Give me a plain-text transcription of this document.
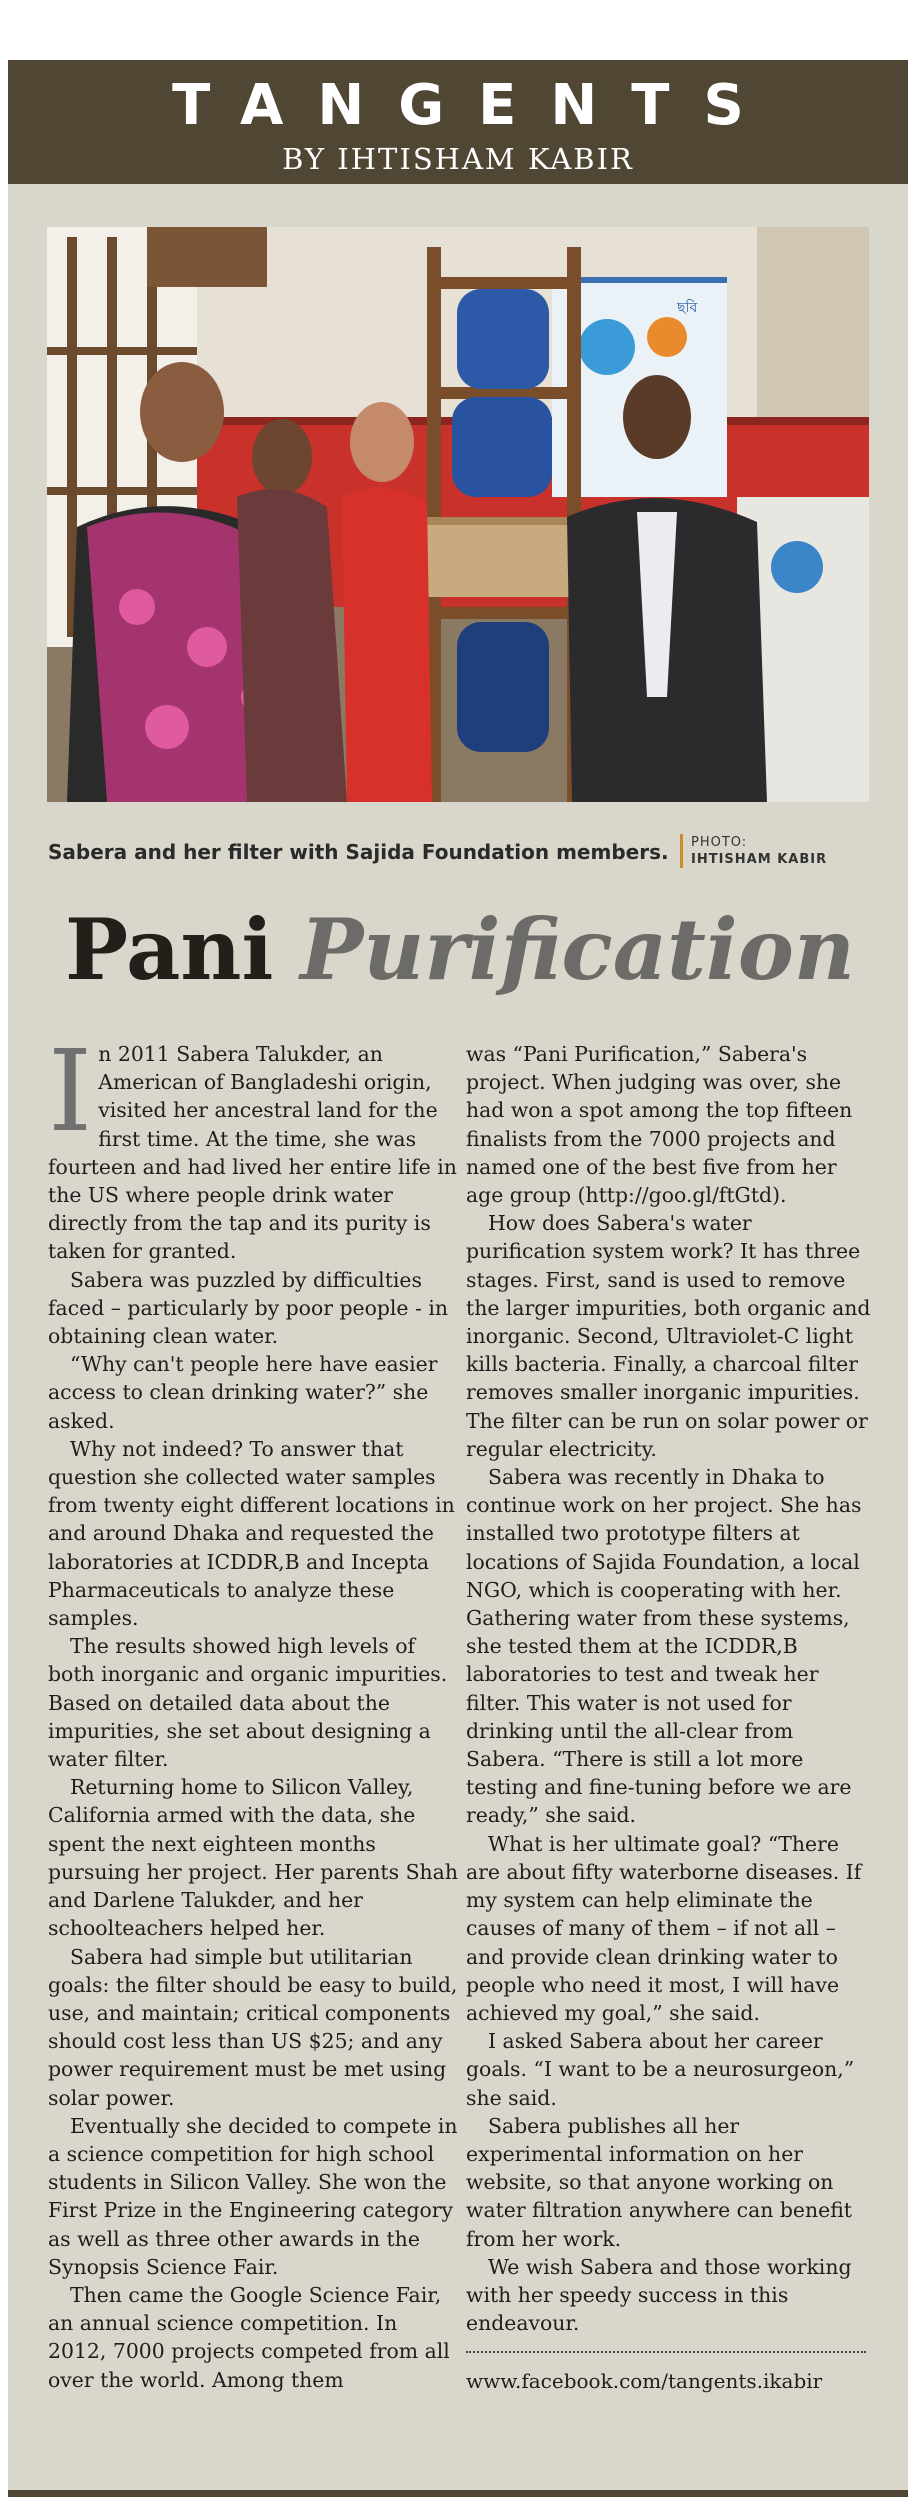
TANGENTS
BY IHTISHAM KABIR
ছবি
Sabera and her filter with Sajida Foundation members. PHOTO:
IHTISHAM KABIR
Pani Purification

In 2011 Sabera Talukder, an American of Bangladeshi origin, visited her ancestral land for the first time. At the time, she was fourteen and had lived her entire life in the US where people drink water directly from the tap and its purity is taken for granted.

Sabera was puzzled by difficulties faced – particularly by poor people - in obtaining clean water.

“Why can't people here have easier access to clean drinking water?” she asked.

Why not indeed? To answer that question she collected water samples from twenty eight different locations in and around Dhaka and requested the laboratories at ICDDR,B and Incepta Pharmaceuticals to analyze these samples.

The results showed high levels of both inorganic and organic impurities. Based on detailed data about the impurities, she set about designing a water filter.

Returning home to Silicon Valley, California armed with the data, she spent the next eighteen months pursuing her project. Her parents Shah and Darlene Talukder, and her schoolteachers helped her.

Sabera had simple but utilitarian goals: the filter should be easy to build, use, and maintain; critical components should cost less than US $25; and any power requirement must be met using solar power.

Eventually she decided to compete in a science competition for high school students in Silicon Valley. She won the First Prize in the Engineering category as well as three other awards in the Synopsis Science Fair.

Then came the Google Science Fair, an annual science competition. In 2012, 7000 projects competed from all over the world. Among them

was “Pani Purification,” Sabera's project. When judging was over, she had won a spot among the top fifteen finalists from the 7000 projects and named one of the best five from her age group (http://goo.gl/ftGtd).

How does Sabera's water purification system work? It has three stages. First, sand is used to remove the larger impurities, both organic and inorganic. Second, Ultraviolet-C light kills bacteria. Finally, a charcoal filter removes smaller inorganic impurities. The filter can be run on solar power or regular electricity.

Sabera was recently in Dhaka to continue work on her project. She has installed two prototype filters at locations of Sajida Foundation, a local NGO, which is cooperating with her. Gathering water from these systems, she tested them at the ICDDR,B laboratories to test and tweak her filter. This water is not used for drinking until the all-clear from Sabera. “There is still a lot more testing and fine-tuning before we are ready,” she said.

What is her ultimate goal? “There are about fifty waterborne diseases. If my system can help eliminate the causes of many of them – if not all – and provide clean drinking water to people who need it most, I will have achieved my goal,” she said.

I asked Sabera about her career goals. “I want to be a neurosurgeon,” she said.

Sabera publishes all her experimental information on her website, so that anyone working on water filtration anywhere can benefit from her work.

We wish Sabera and those working with her speedy success in this endeavour.

www.facebook.com/tangents.ikabir
